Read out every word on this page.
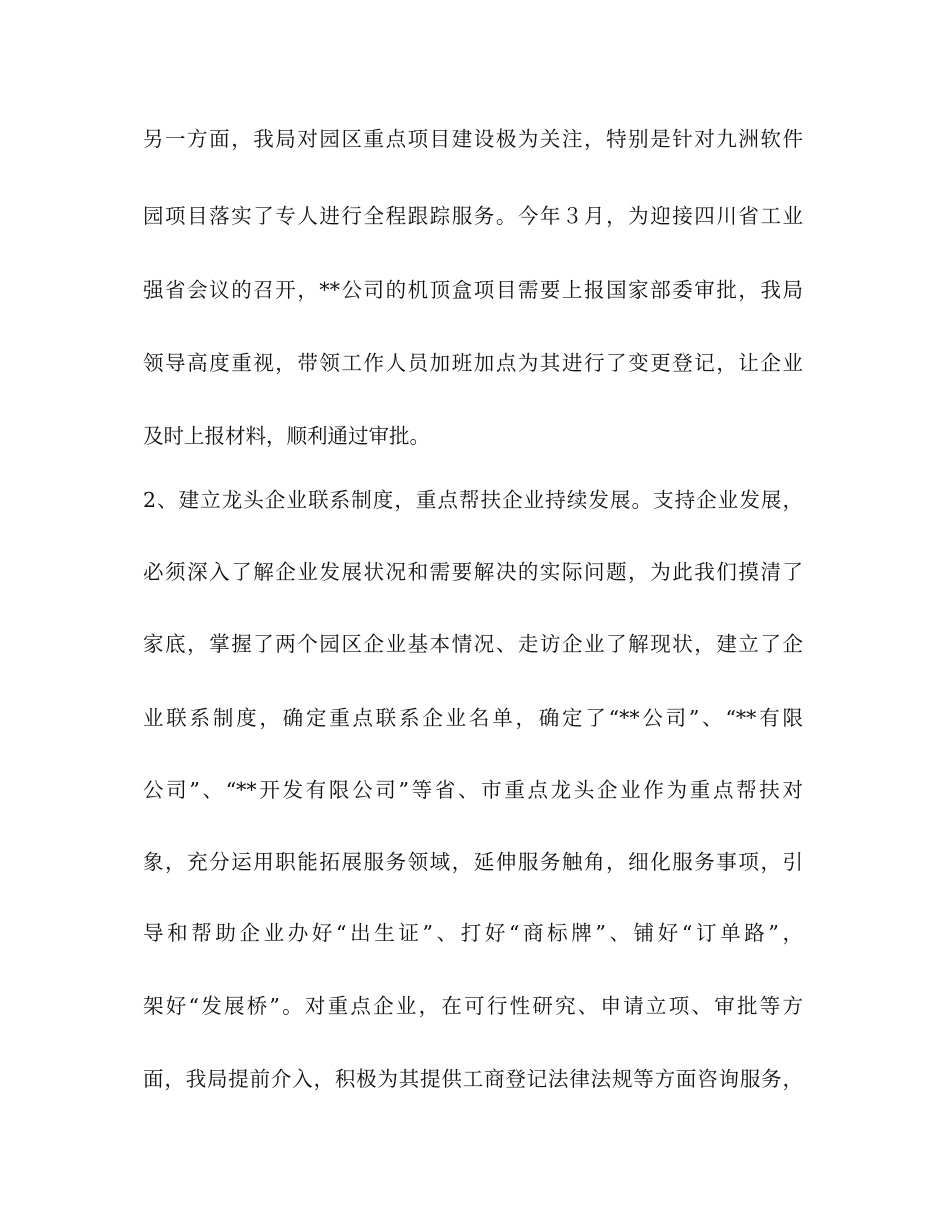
另一方面，我局对园区重点项目建设极为关注，特别是针对九洲软件
园项目落实了专人进行全程跟踪服务。今年３月，为迎接四川省工业
强省会议的召开，**公司的机顶盒项目需要上报国家部委审批，我局
领导高度重视，带领工作人员加班加点为其进行了变更登记，让企业
及时上报材料，顺利通过审批。
2、建立龙头企业联系制度，重点帮扶企业持续发展。支持企业发展，
必须深入了解企业发展状况和需要解决的实际问题，为此我们摸清了
家底，掌握了两个园区企业基本情况、走访企业了解现状，建立了企
业联系制度，确定重点联系企业名单，确定了“**公司”、“**有限
公司”、“**开发有限公司”等省、市重点龙头企业作为重点帮扶对
象，充分运用职能拓展服务领域，延伸服务触角，细化服务事项，引
导和帮助企业办好“出生证”、打好“商标牌”、铺好“订单路”，
架好“发展桥”。对重点企业，在可行性研究、申请立项、审批等方
面，我局提前介入，积极为其提供工商登记法律法规等方面咨询服务，
